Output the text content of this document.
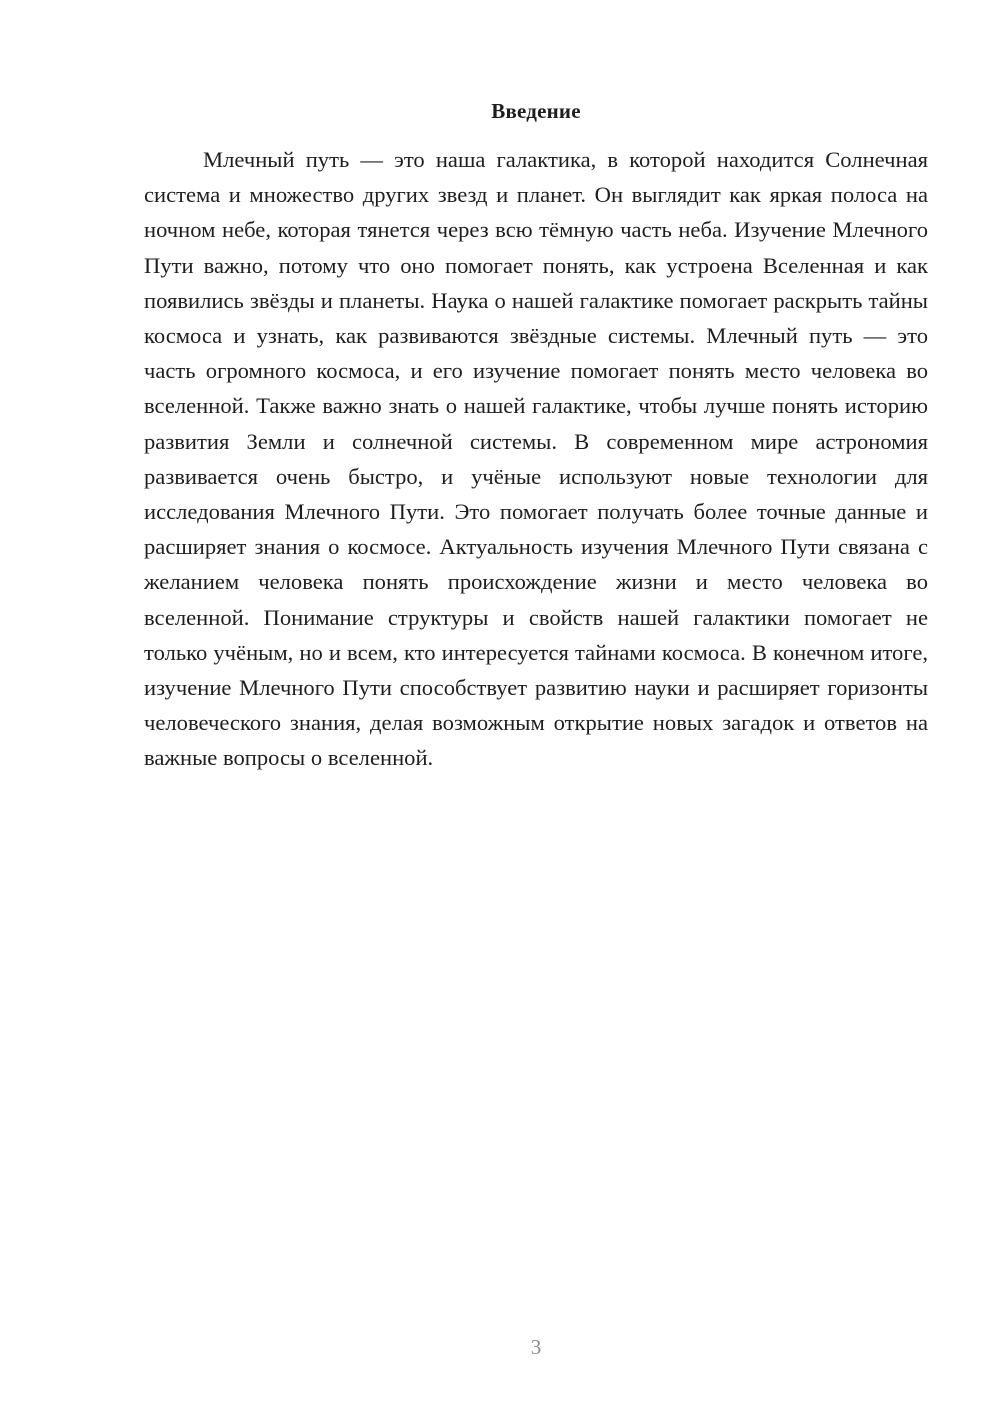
Введение

Млечный путь — это наша галактика, в которой находится Солнечная система и множество других звезд и планет. Он выглядит как яркая полоса на ночном небе, которая тянется через всю тёмную часть неба. Изучение Млечного Пути важно, потому что оно помогает понять, как устроена Вселенная и как появились звёзды и планеты. Наука о нашей галактике помогает раскрыть тайны космоса и узнать, как развиваются звёздные системы. Млечный путь — это часть огромного космоса, и его изучение помогает понять место человека во вселенной. Также важно знать о нашей галактике, чтобы лучше понять историю развития Земли и солнечной системы. В современном мире астрономия развивается очень быстро, и учёные используют новые технологии для исследования Млечного Пути. Это помогает получать более точные данные и расширяет знания о космосе. Актуальность изучения Млечного Пути связана с желанием человека понять происхождение жизни и место человека во вселенной. Понимание структуры и свойств нашей галактики помогает не только учёным, но и всем, кто интересуется тайнами космоса. В конечном итоге, изучение Млечного Пути способствует развитию науки и расширяет горизонты человеческого знания, делая возможным открытие новых загадок и ответов на важные вопросы о вселенной.

3
